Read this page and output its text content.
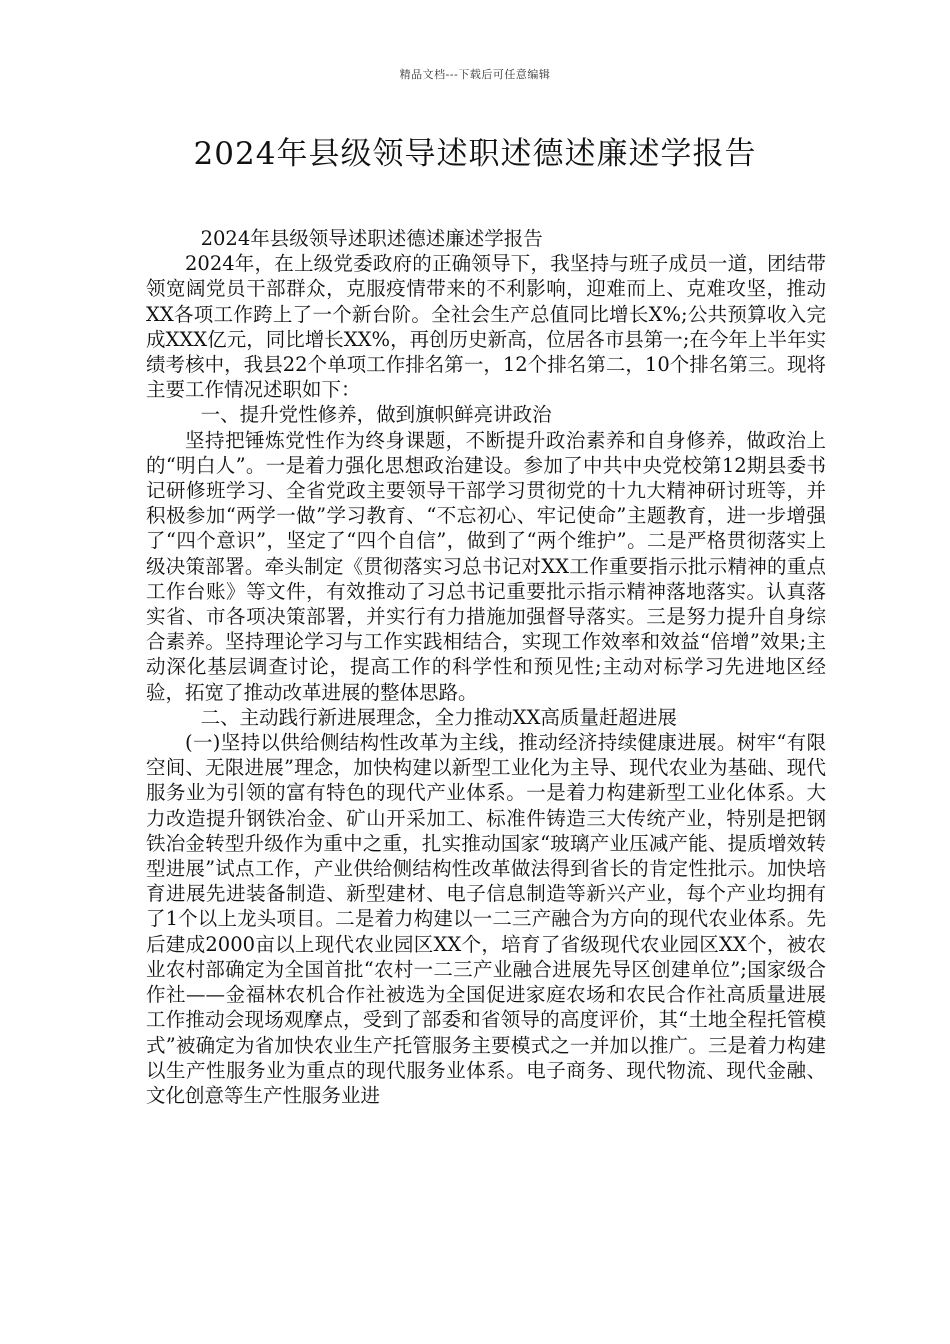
精品文档---下载后可任意编辑
2024年县级领导述职述德述廉述学报告

2024年县级领导述职述德述廉述学报告

2024年，在上级党委政府的正确领导下，我坚持与班子成员一道，团结带领宽阔党员干部群众，克服疫情带来的不利影响，迎难而上、克难攻坚，推动XX各项工作跨上了一个新台阶。全社会生产总值同比增长X%;公共预算收入完成XXX亿元，同比增长XX%，再创历史新高，位居各市县第一;在今年上半年实绩考核中，我县22个单项工作排名第一，12个排名第二，10个排名第三。现将主要工作情况述职如下：

一、提升党性修养，做到旗帜鲜亮讲政治

坚持把锤炼党性作为终身课题，不断提升政治素养和自身修养，做政治上的“明白人”。一是着力强化思想政治建设。参加了中共中央党校第12期县委书记研修班学习、全省党政主要领导干部学习贯彻党的十九大精神研讨班等，并积极参加“两学一做”学习教育、“不忘初心、牢记使命”主题教育，进一步增强了“四个意识”，坚定了“四个自信”，做到了“两个维护”。二是严格贯彻落实上级决策部署。牵头制定《贯彻落实习总书记对XX工作重要指示批示精神的重点工作台账》等文件，有效推动了习总书记重要批示指示精神落地落实。认真落实省、市各项决策部署，并实行有力措施加强督导落实。三是努力提升自身综合素养。坚持理论学习与工作实践相结合，实现工作效率和效益“倍增”效果;主动深化基层调查讨论，提高工作的科学性和预见性;主动对标学习先进地区经验，拓宽了推动改革进展的整体思路。

二、主动践行新进展理念，全力推动XX高质量赶超进展

(一)坚持以供给侧结构性改革为主线，推动经济持续健康进展。树牢“有限空间、无限进展”理念，加快构建以新型工业化为主导、现代农业为基础、现代服务业为引领的富有特色的现代产业体系。一是着力构建新型工业化体系。大力改造提升钢铁冶金、矿山开采加工、标准件铸造三大传统产业，特别是把钢铁冶金转型升级作为重中之重，扎实推动国家“玻璃产业压减产能、提质增效转型进展”试点工作，产业供给侧结构性改革做法得到省长的肯定性批示。加快培育进展先进装备制造、新型建材、电子信息制造等新兴产业，每个产业均拥有了1个以上龙头项目。二是着力构建以一二三产融合为方向的现代农业体系。先后建成2000亩以上现代农业园区XX个，培育了省级现代农业园区XX个，被农业农村部确定为全国首批“农村一二三产业融合进展先导区创建单位”;国家级合作社——金福林农机合作社被选为全国促进家庭农场和农民合作社高质量进展工作推动会现场观摩点，受到了部委和省领导的高度评价，其“土地全程托管模式”被确定为省加快农业生产托管服务主要模式之一并加以推广。三是着力构建以生产性服务业为重点的现代服务业体系。电子商务、现代物流、现代金融、文化创意等生产性服务业进
